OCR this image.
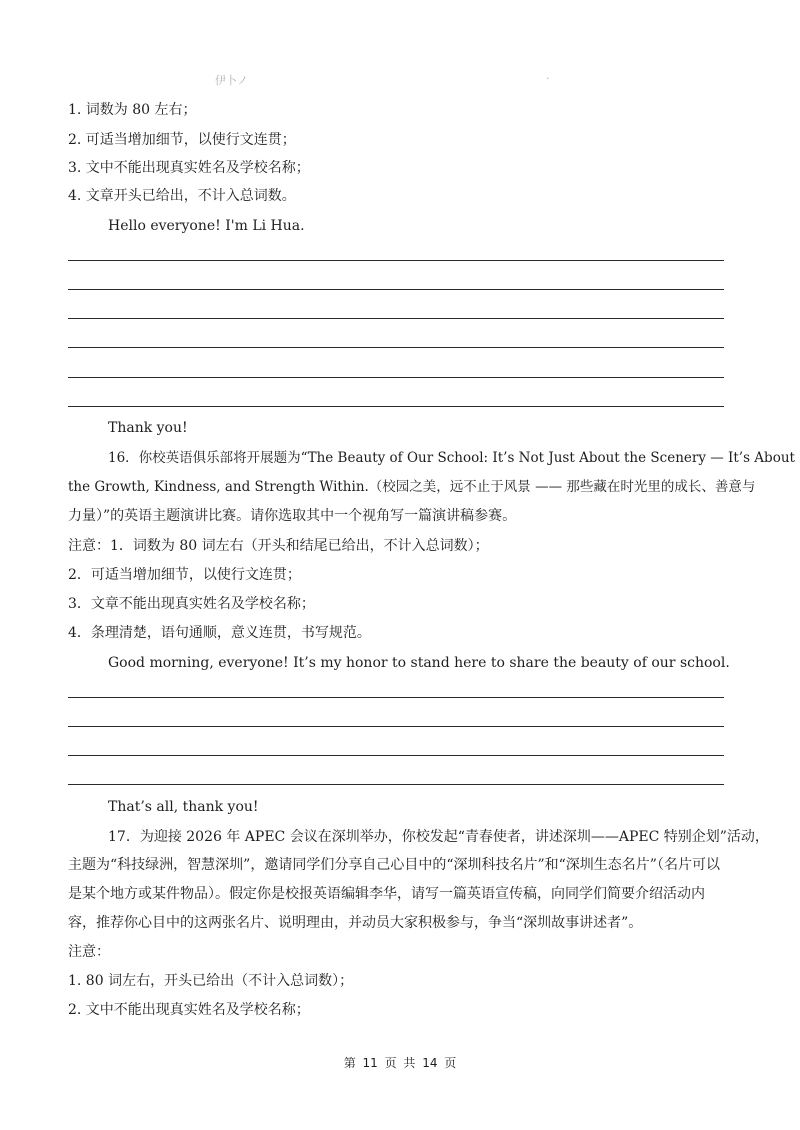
伊卜ノ	·
1. 词数为 80 左右；
2. 可适当增加细节，以使行文连贯；
3. 文中不能出现真实姓名及学校名称；
4. 文章开头已给出，不计入总词数。
Hello everyone! I'm Li Hua.
Thank you!
16．你校英语俱乐部将开展题为“The Beauty of Our School: It’s Not Just About the Scenery — It’s About
the Growth, Kindness, and Strength Within.（校园之美，远不止于风景 —— 那些藏在时光里的成长、善意与
力量）”的英语主题演讲比赛。请你选取其中一个视角写一篇演讲稿参赛。
注意：1．词数为 80 词左右（开头和结尾已给出，不计入总词数）；
2．可适当增加细节，以使行文连贯；
3．文章不能出现真实姓名及学校名称；
4．条理清楚，语句通顺，意义连贯，书写规范。
Good morning, everyone! It’s my honor to stand here to share the beauty of our school.
That’s all, thank you!
17．为迎接 2026 年 APEC 会议在深圳举办，你校发起“青春使者，讲述深圳——APEC 特别企划”活动，
主题为“科技绿洲，智慧深圳”，邀请同学们分享自己心目中的“深圳科技名片”和“深圳生态名片”（名片可以
是某个地方或某件物品）。假定你是校报英语编辑李华，请写一篇英语宣传稿，向同学们简要介绍活动内
容，推荐你心目中的这两张名片、说明理由，并动员大家积极参与，争当“深圳故事讲述者”。
注意：
1. 80 词左右，开头已给出（不计入总词数）；
2. 文中不能出现真实姓名及学校名称；
第 11 页 共 14 页
